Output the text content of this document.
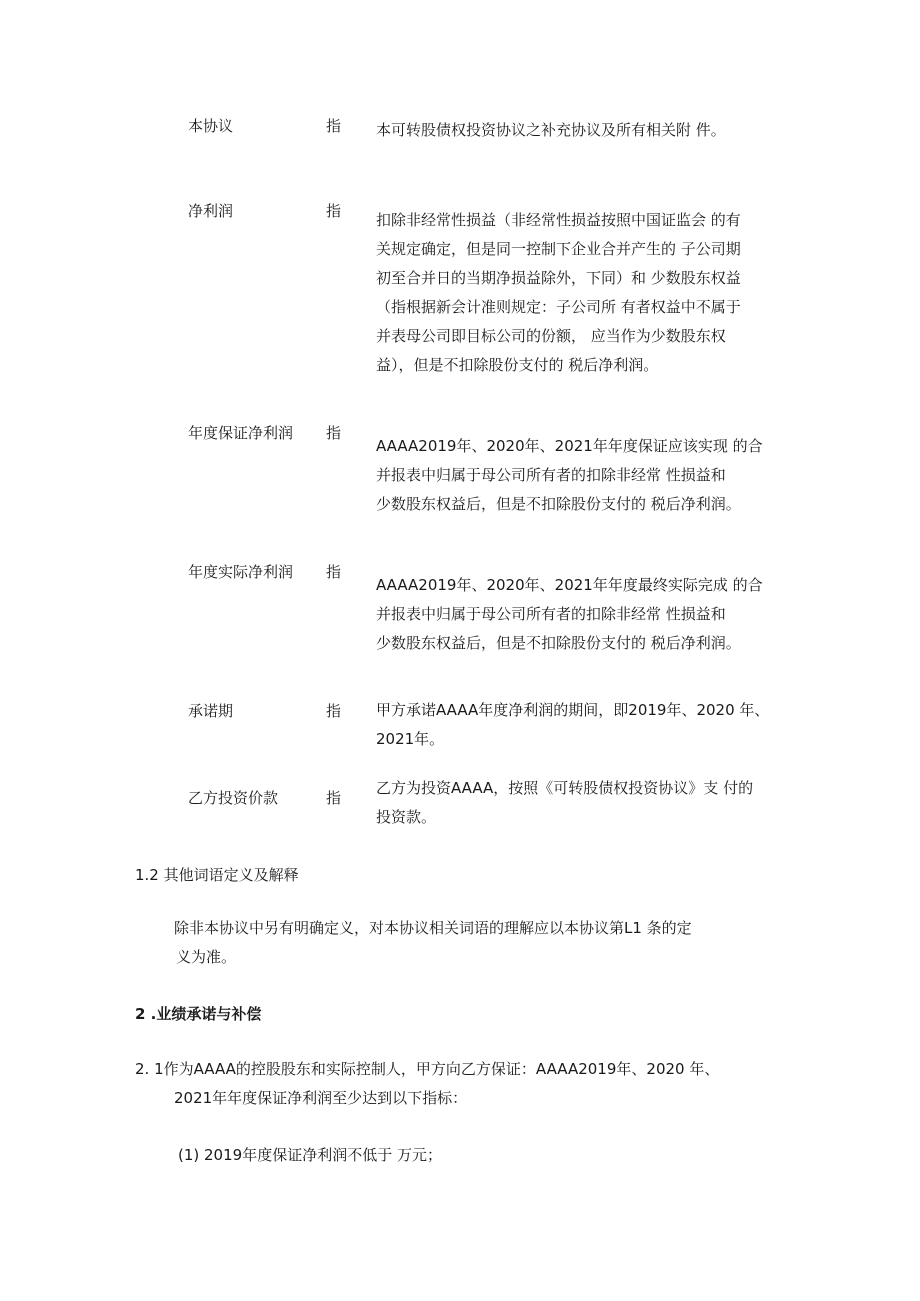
本协议	指 本可转股债权投资协议之补充协议及所有相关附 件。
净利润	指 扣除非经常性损益（非经常性损益按照中国证监会 的有
关规定确定，但是同一控制下企业合并产生的 子公司期
初至合并日的当期净损益除外，下同）和 少数股东权益
（指根据新会计准则规定：子公司所 有者权益中不属于
并表母公司即目标公司的份额， 应当作为少数股东权
益），但是不扣除股份支付的 税后净利润。
年度保证净利润 指
AAAA2019年、2020年、2021年年度保证应该实现 的合
并报表中归属于母公司所有者的扣除非经常 性损益和
少数股东权益后，但是不扣除股份支付的 税后净利润。
年度实际净利润 指
AAAA2019年、2020年、2021年年度最终实际完成 的合
并报表中归属于母公司所有者的扣除非经常 性损益和
少数股东权益后，但是不扣除股份支付的 税后净利润。
承诺期	指 甲方承诺AAAA年度净利润的期间，即2019年、2020 年、
2021年。
乙方投资价款	指
乙方为投资AAAA，按照《可转股债权投资协议》支 付的
投资款。
1.2 其他词语定义及解释
除非本协议中另有明确定义，对本协议相关词语的理解应以本协议第L1 条的定
义为准。
2 .业绩承诺与补偿
2. 1作为AAAA的控股股东和实际控制人，甲方向乙方保证：AAAA2019年、2020 年、
2021年年度保证净利润至少达到以下指标：
(1) 2019年度保证净利润不低于 万元；
